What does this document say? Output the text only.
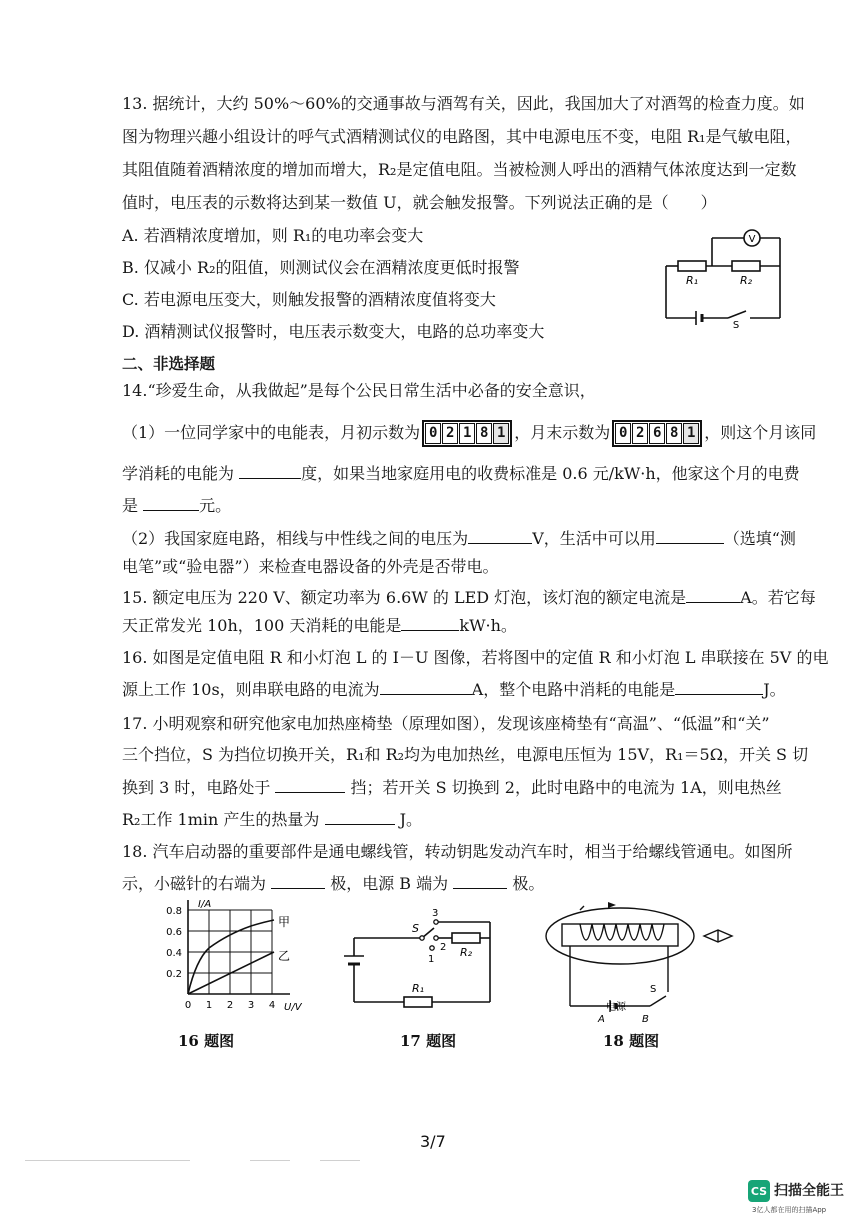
13. 据统计，大约 50%～60%的交通事故与酒驾有关，因此，我国加大了对酒驾的检查力度。如
图为物理兴趣小组设计的呼气式酒精测试仪的电路图，其中电源电压不变，电阻 R₁是气敏电阻，
其阻值随着酒精浓度的增加而增大，R₂是定值电阻。当被检测人呼出的酒精气体浓度达到一定数
值时，电压表的示数将达到某一数值 U，就会触发报警。下列说法正确的是（　　）
A. 若酒精浓度增加，则 R₁的电功率会变大
B. 仅减小 R₂的阻值，则测试仪会在酒精浓度更低时报警
C. 若电源电压变大，则触发报警的酒精浓度值将变大
D. 酒精测试仪报警时，电压表示数变大，电路的总功率变大
V
R₁	R₂
S
二、非选择题
14.“珍爱生命，从我做起”是每个公民日常生活中必备的安全意识，
（1）一位同学家中的电能表，月初示数为 0 2 1 8 1 ，月末示数为 0 2 6 8 1 ，则这个月该同
学消耗的电能为	度，如果当地家庭用电的收费标准是 0.6 元/kW·h，他家这个月的电费
是	元。
（2）我国家庭电路，相线与中性线之间的电压为	V，生活中可以用	（选填“测
电笔”或“验电器”）来检查电器设备的外壳是否带电。
15. 额定电压为 220 V、额定功率为 6.6W 的 LED 灯泡，该灯泡的额定电流是	A。若它每
天正常发光 10h，100 天消耗的电能是	kW·h。
16. 如图是定值电阻 R 和小灯泡 L 的 I－U 图像，若将图中的定值 R 和小灯泡 L 串联接在 5V 的电
源上工作 10s，则串联电路的电流为	A，整个电路中消耗的电能是	J。
17. 小明观察和研究他家电加热座椅垫（原理如图），发现该座椅垫有“高温”、“低温”和“关”
三个挡位，S 为挡位切换开关，R₁和 R₂均为电加热丝，电源电压恒为 15V，R₁＝5Ω，开关 S 切
换到 3 时，电路处于	挡；若开关 S 切换到 2，此时电路中的电流为 1A，则电热丝
R₂工作 1min 产生的热量为	J。
18. 汽车启动器的重要部件是通电螺线管，转动钥匙发动汽车时，相当于给螺线管通电。如图所
示，小磁针的右端为	极，电源 B 端为	极。
I/A
U/V
0.8
0.6
0.4
0.2
0 1 2 3 4
甲
乙
16 题图
S
3
2
1
R₂
R₁
17 题图
电源
A	B
S
18 题图
3/7
CS 扫描全能王
3亿人都在用的扫描App
